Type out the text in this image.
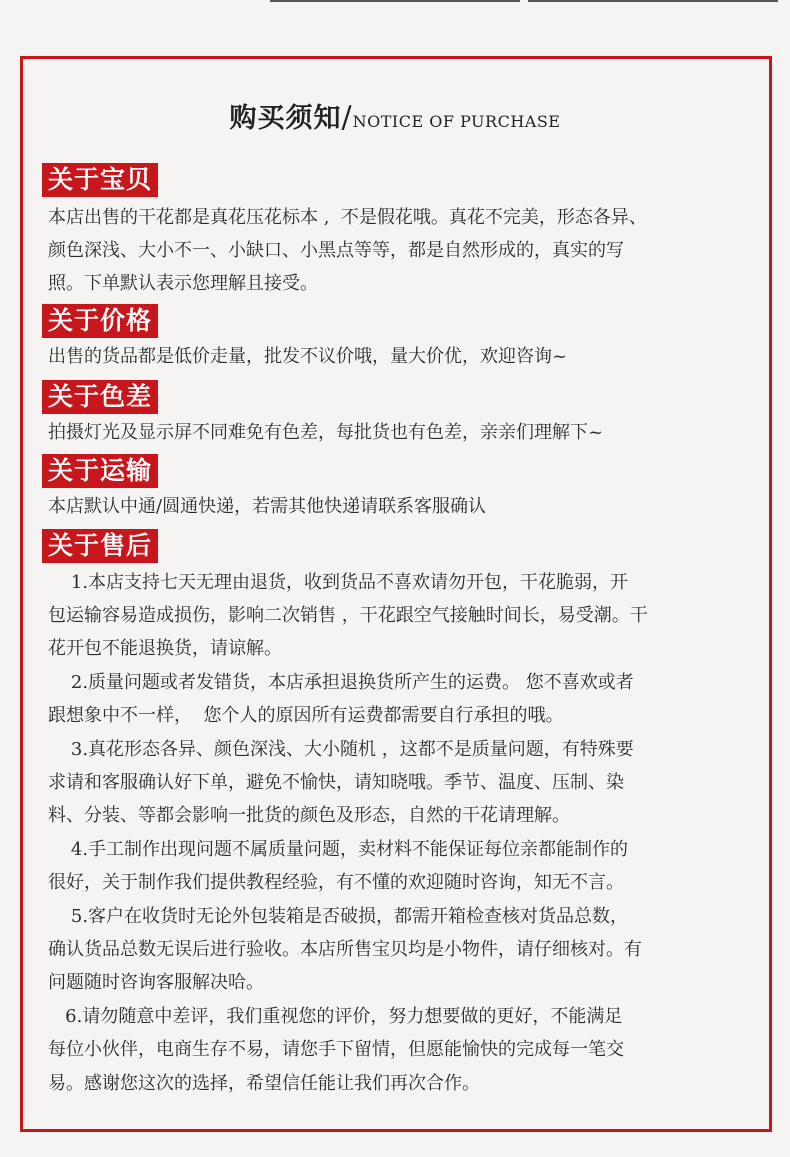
购买须知/NOTICE OF PURCHASE
关于宝贝
本店出售的干花都是真花压花标本 ,  不是假花哦。真花不完美，形态各异、
颜色深浅、大小不一、小缺口、小黑点等等，都是自然形成的，真实的写
照。下单默认表示您理解且接受。
关于价格
出售的货品都是低价走量，批发不议价哦，量大价优，欢迎咨询~
关于色差
拍摄灯光及显示屏不同难免有色差，每批货也有色差，亲亲们理解下~
关于运输
本店默认中通/圆通快递，若需其他快递请联系客服确认
关于售后
1.本店支持七天无理由退货，收到货品不喜欢请勿开包，干花脆弱，开
包运输容易造成损伤，影响二次销售 ，干花跟空气接触时间长，易受潮。干
花开包不能退换货，请谅解。
2.质量问题或者发错货，本店承担退换货所产生的运费。 您不喜欢或者
跟想象中不一样，  您个人的原因所有运费都需要自行承担的哦。
3.真花形态各异、颜色深浅、大小随机 ，这都不是质量问题，有特殊要
求请和客服确认好下单，避免不愉快，请知晓哦。季节、温度、压制、染
料、分装、等都会影响一批货的颜色及形态，自然的干花请理解。
4.手工制作出现问题不属质量问题，卖材料不能保证每位亲都能制作的
很好，关于制作我们提供教程经验，有不懂的欢迎随时咨询，知无不言。
5.客户在收货时无论外包装箱是否破损，都需开箱检查核对货品总数，
确认货品总数无误后进行验收。本店所售宝贝均是小物件，请仔细核对。有
问题随时咨询客服解决哈。
6.请勿随意中差评，我们重视您的评价，努力想要做的更好，不能满足
每位小伙伴，电商生存不易，请您手下留情，但愿能愉快的完成每一笔交
易。感谢您这次的选择，希望信任能让我们再次合作。
